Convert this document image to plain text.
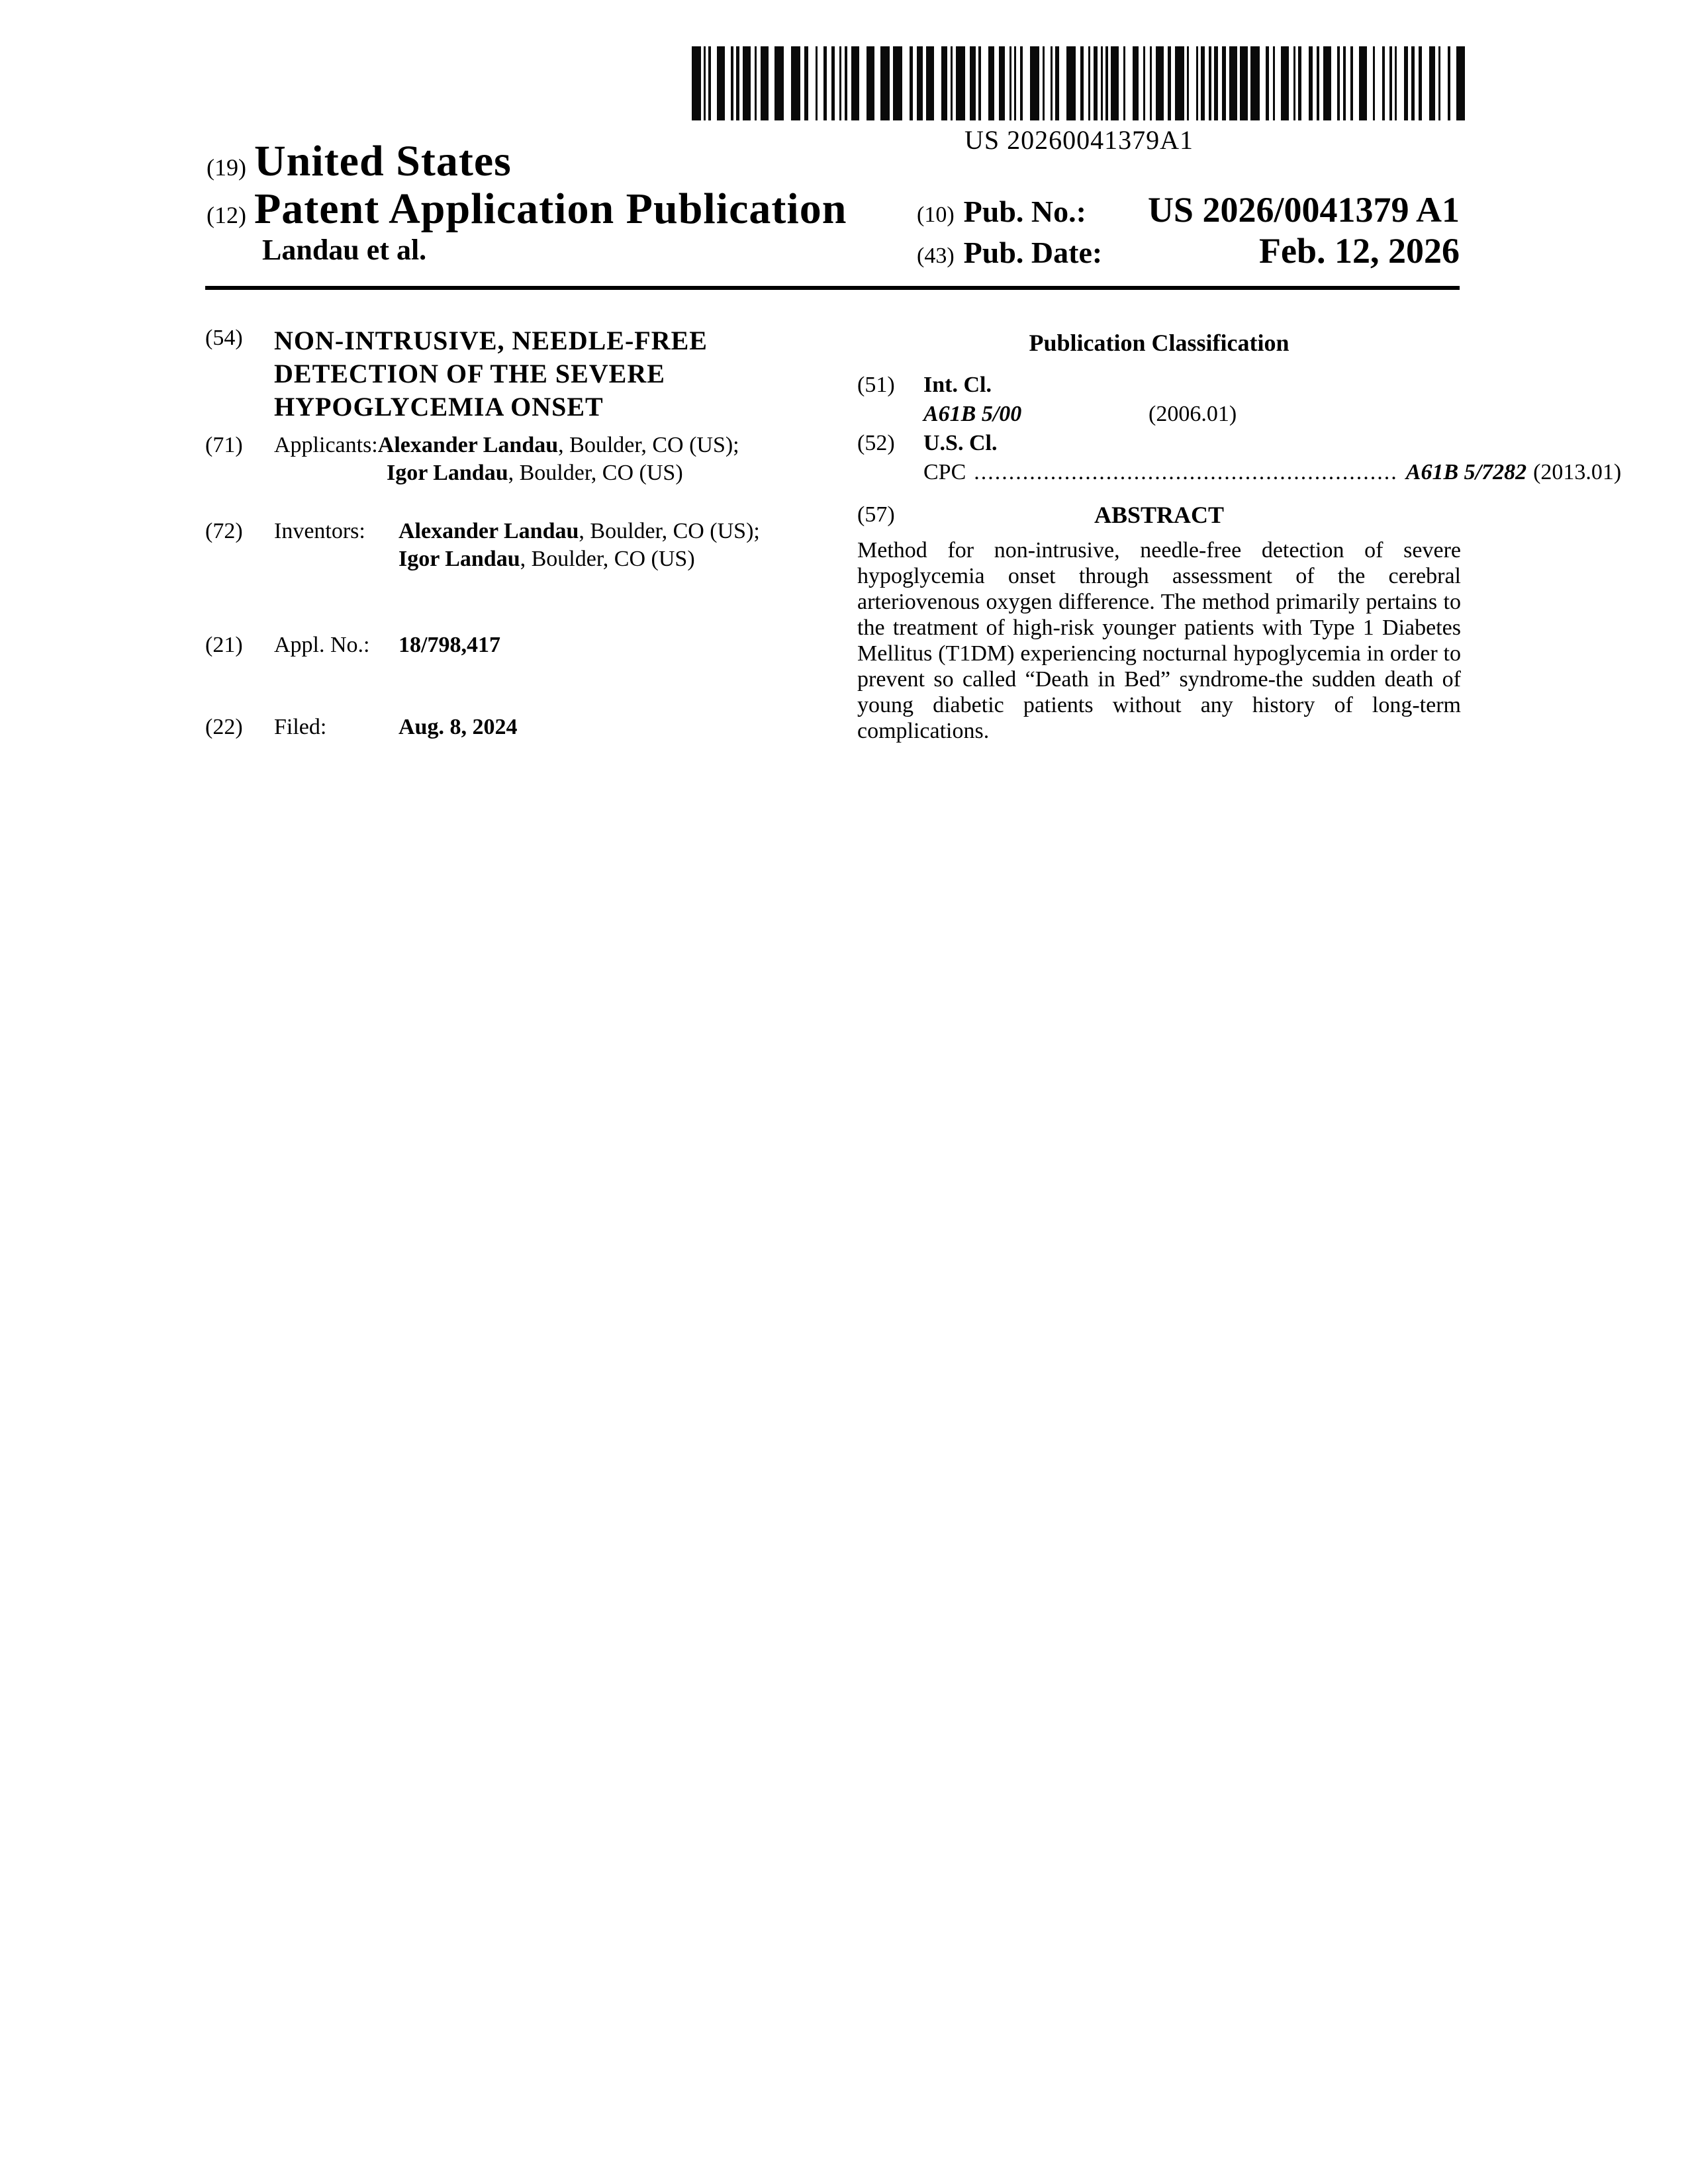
US 20260041379A1
(19) United States
(12) Patent Application Publication
Landau et al.
(10) Pub. No.: US 2026/0041379 A1
(43) Pub. Date:	Feb. 12, 2026
(54)	NON-INTRUSIVE, NEEDLE-FREE
DETECTION OF THE SEVERE
HYPOGLYCEMIA ONSET
(71)	Applicants:Alexander Landau, Boulder, CO (US);
Igor Landau, Boulder, CO (US)
(72)	Inventors: Alexander Landau, Boulder, CO (US);
Igor Landau, Boulder, CO (US)
(21)	Appl. No.: 18/798,417
(22)	Filed:	Aug. 8, 2024
Publication Classification
(51)	Int. Cl.
A61B 5/00	(2006.01)
(52)	U.S. Cl.
CPC ............................................................. A61B 5/7282 (2013.01)
(57)	ABSTRACT

Method for non-intrusive, needle-free detection of severe hypoglycemia onset through assessment of the cerebral arteriovenous oxygen difference. The method primarily pertains to the treatment of high-risk younger patients with Type 1 Diabetes Mellitus (T1DM) experiencing nocturnal hypoglycemia in order to prevent so called “Death in Bed” syndrome-the sudden death of young diabetic patients without any history of long-term complications.
